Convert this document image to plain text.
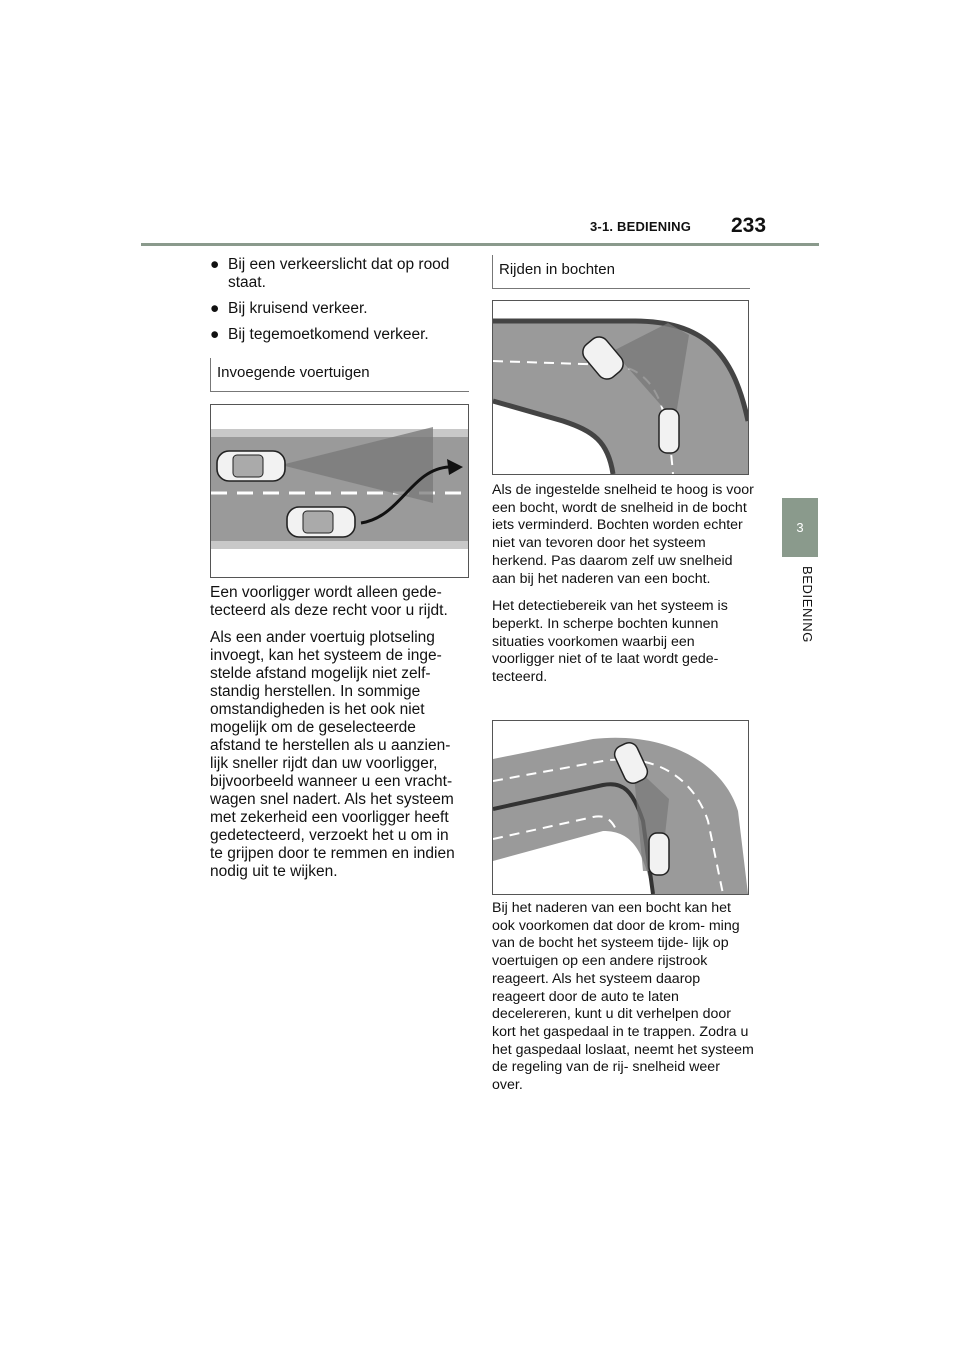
3-1. BEDIENING 233
3
BEDIENING
● Bij een verkeerslicht dat op rood staat.
● Bij kruisend verkeer.
● Bij tegemoetkomend verkeer.
Invoegende voertuigen

Een voorligger wordt alleen gede- tecteerd als deze recht voor u rijdt.

Als een ander voertuig plotseling invoegt, kan het systeem de inge- stelde afstand mogelijk niet zelf- standig herstellen. In sommige omstandigheden is het ook niet mogelijk om de geselecteerde afstand te herstellen als u aanzien- lijk sneller rijdt dan uw voorligger, bijvoorbeeld wanneer u een vracht- wagen snel nadert. Als het systeem met zekerheid een voorligger heeft gedetecteerd, verzoekt het u om in te grijpen door te remmen en indien nodig uit te wijken.

Rijden in bochten

Als de ingestelde snelheid te hoog is voor een bocht, wordt de snelheid in de bocht iets verminderd. Bochten worden echter niet van tevoren door het systeem herkend. Pas daarom zelf uw snelheid aan bij het naderen van een bocht.

Het detectiebereik van het systeem is beperkt. In scherpe bochten kunnen situaties voorkomen waarbij een voorligger niet of te laat wordt gede- tecteerd.

Bij het naderen van een bocht kan het ook voorkomen dat door de krom- ming van de bocht het systeem tijde- lijk op voertuigen op een andere rijstrook reageert. Als het systeem daarop reageert door de auto te laten decelereren, kunt u dit verhelpen door kort het gaspedaal in te trappen. Zodra u het gaspedaal loslaat, neemt het systeem de regeling van de rij- snelheid weer over.
